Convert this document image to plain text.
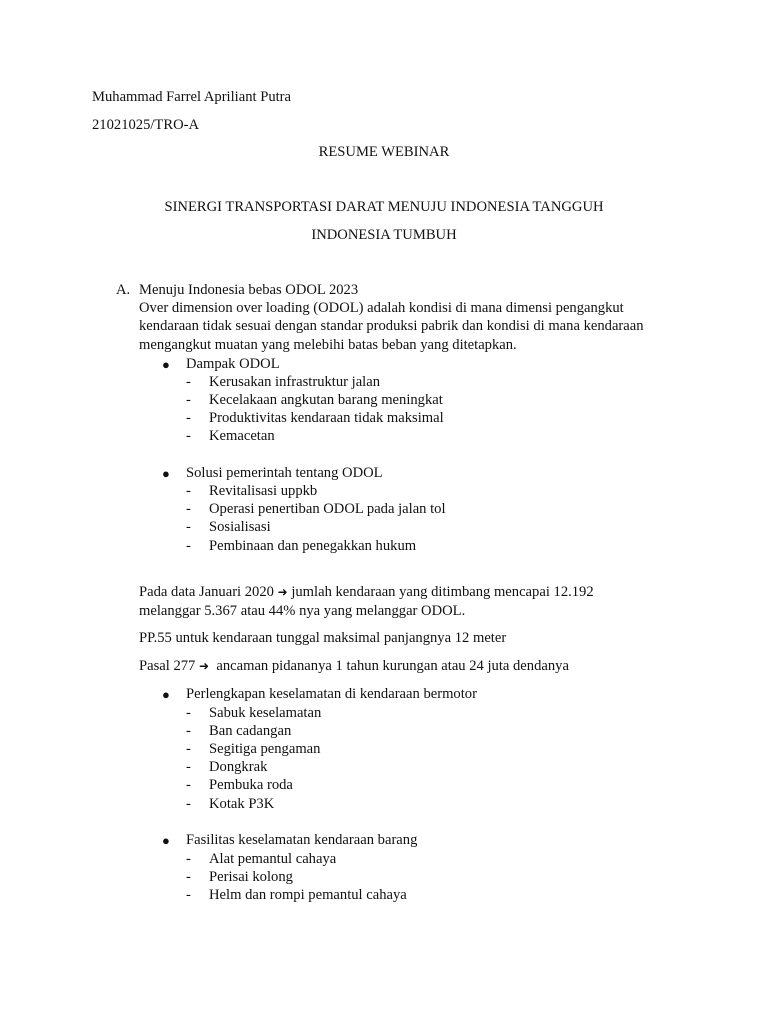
Muhammad Farrel Apriliant Putra
21021025/TRO-A
RESUME WEBINAR
SINERGI TRANSPORTASI DARAT MENUJU INDONESIA TANGGUH
INDONESIA TUMBUH
A. Menuju Indonesia bebas ODOL 2023
Over dimension over loading (ODOL) adalah kondisi di mana dimensi pengangkut
kendaraan tidak sesuai dengan standar produksi pabrik dan kondisi di mana kendaraan
mengangkut muatan yang melebihi batas beban yang ditetapkan.
● Dampak ODOL
- Kerusakan infrastruktur jalan
- Kecelakaan angkutan barang meningkat
- Produktivitas kendaraan tidak maksimal
- Kemacetan
● Solusi pemerintah tentang ODOL
- Revitalisasi uppkb
- Operasi penertiban ODOL pada jalan tol
- Sosialisasi
- Pembinaan dan penegakkan hukum
Pada data Januari 2020 ➜ jumlah kendaraan yang ditimbang mencapai 12.192
melanggar 5.367 atau 44% nya yang melanggar ODOL.
PP.55 untuk kendaraan tunggal maksimal panjangnya 12 meter
Pasal 277 ➜ ancaman pidananya 1 tahun kurungan atau 24 juta dendanya
● Perlengkapan keselamatan di kendaraan bermotor
- Sabuk keselamatan
- Ban cadangan
- Segitiga pengaman
- Dongkrak
- Pembuka roda
- Kotak P3K
● Fasilitas keselamatan kendaraan barang
- Alat pemantul cahaya
- Perisai kolong
- Helm dan rompi pemantul cahaya
